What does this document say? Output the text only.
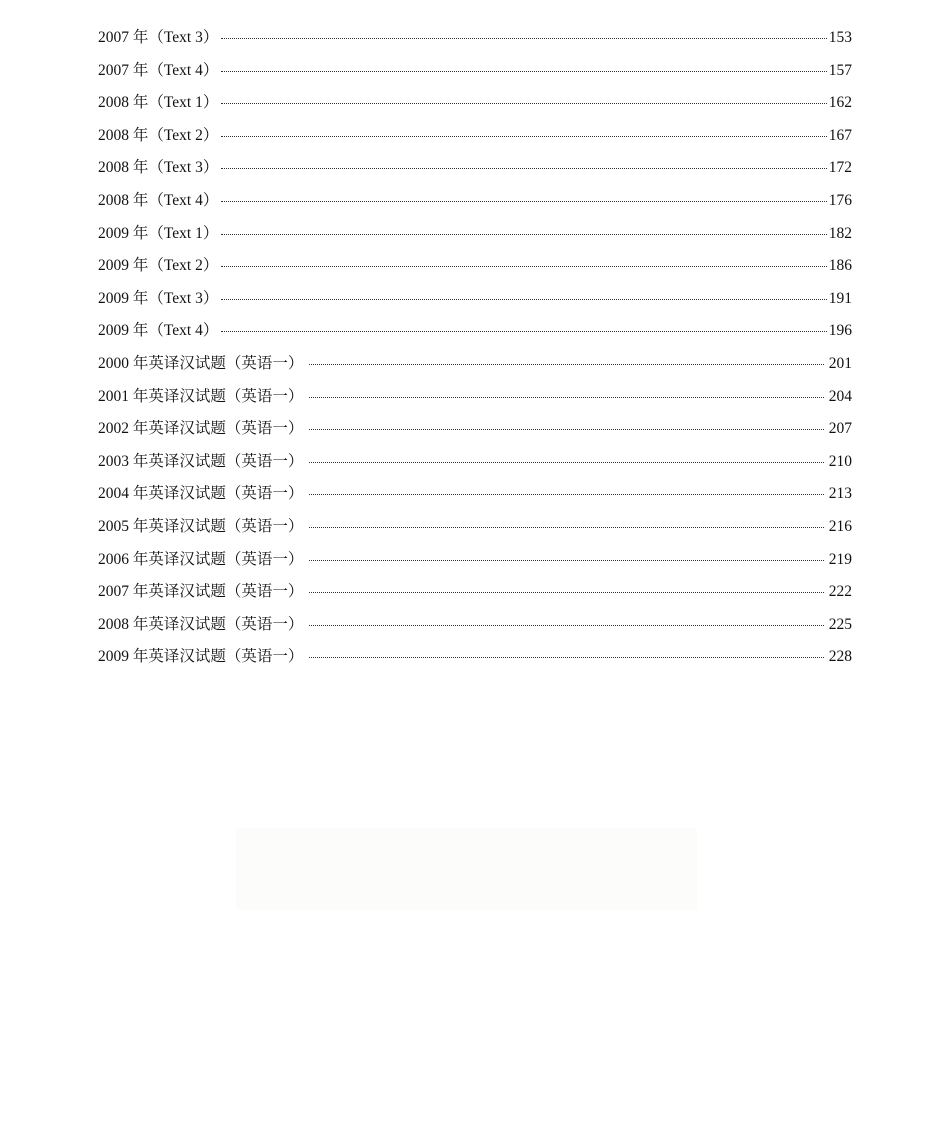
2007 年（Text 3）	153
2007 年（Text 4）	157
2008 年（Text 1）	162
2008 年（Text 2）	167
2008 年（Text 3）	172
2008 年（Text 4）	176
2009 年（Text 1）	182
2009 年（Text 2）	186
2009 年（Text 3）	191
2009 年（Text 4）	196
2000 年英译汉试题（英语一）	201
2001 年英译汉试题（英语一）	204
2002 年英译汉试题（英语一）	207
2003 年英译汉试题（英语一）	210
2004 年英译汉试题（英语一）	213
2005 年英译汉试题（英语一）	216
2006 年英译汉试题（英语一）	219
2007 年英译汉试题（英语一）	222
2008 年英译汉试题（英语一）	225
2009 年英译汉试题（英语一）	228
